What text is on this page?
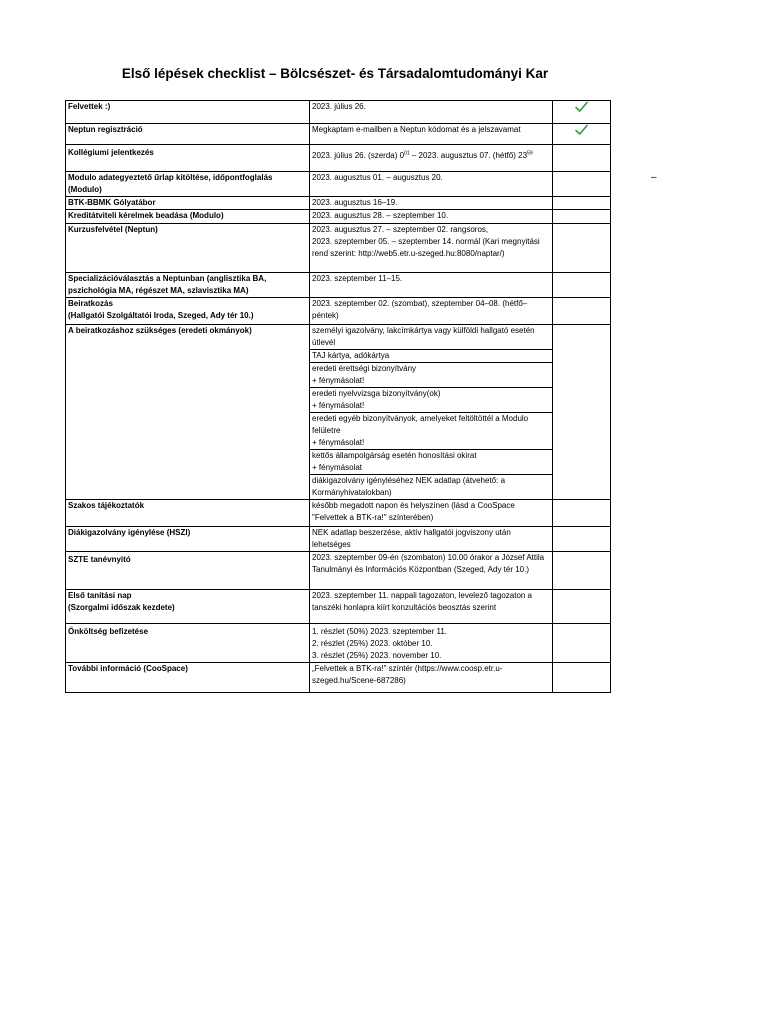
Első lépések checklist – Bölcsészet- és Társadalomtudományi Kar
–
Felvettek :)	2023. július 26.	

Neptun regisztráció	Megkaptam e-mailben a Neptun kódomat és a jelszavamat	

Kollégiumi jelentkezés	2023. július 26. (szerda) $0^{01} - 2023$. augusztus 07. (hétfő) $23^{59}$	
Modulo adategyeztető űrlap kitöltése, időpontfoglalás (Modulo)	2023. augusztus 01. – augusztus 20.	
BTK-BBMK Gólyatábor	2023. augusztus 16–19.	
Kreditátviteli kérelmek beadása (Modulo)	2023. augusztus 28. – szeptember 10.	
Kurzusfelvétel (Neptun)	2023. augusztus 27. – szeptember 02. rangsoros,
2023. szeptember 05. – szeptember 14. normál (Kari megnyitási rend szerint: http://web5.etr.u-szeged.hu:8080/naptar/)	

Specializációválasztás a Neptunban (anglisztika BA, pszichológia MA, régészet MA, szlavisztika MA)	2023. szeptember 11–15.	

Beiratkozás
(Hallgatói Szolgáltatói Iroda, Szeged, Ady tér 10.)	2023. szeptember 02. (szombat), szeptember 04–08. (hétfő–péntek)	
A beiratkozáshoz szükséges (eredeti okmányok)	személyi igazolvány, lakcímkártya vagy külföldi hallgató esetén útlevél	
	TAJ kártya, adókártya	

	eredeti érettségi bizonyítvány
+ fénymásolat!	

	eredeti nyelvvizsga bizonyítvány(ok)
+ fénymásolat!	

	eredeti egyéb bizonyítványok, amelyeket feltöltöttél a Modulo felületre
+ fénymásolat!	

	kettős állampolgárság esetén honosítási okirat
+ fénymásolat	

	diákigazolvány igényléséhez NEK adatlap (átvehető: a Kormányhivatalokban)	
Szakos tájékoztatók	később megadott napon és helyszínen (lásd a CooSpace "Felvettek a BTK-ra!" színterében)	
Diákigazolvány igénylése (HSZI)	NEK adatlap beszerzése, aktív hallgatói jogviszony után lehetséges	
SZTE tanévnyitó	2023. szeptember 09-én (szombaton) 10.00 órakor a József Attila Tanulmányi és Információs Központban (Szeged, Ady tér 10.)	

Első tanítási nap
(Szorgalmi időszak kezdete)	2023. szeptember 11. nappali tagozaton, levelező tagozaton a tanszéki honlapra kiírt konzultációs beosztás szerint	
Önköltség befizetése	1. részlet (50%) 2023. szeptember 11.
2. részlet (25%) 2023. október 10.
3. részlet (25%) 2023. november 10.	

További információ (CooSpace)	„Felvettek a BTK-ra!" színtér (https://www.coosp.etr.u-szeged.hu/Scene-687286)	
